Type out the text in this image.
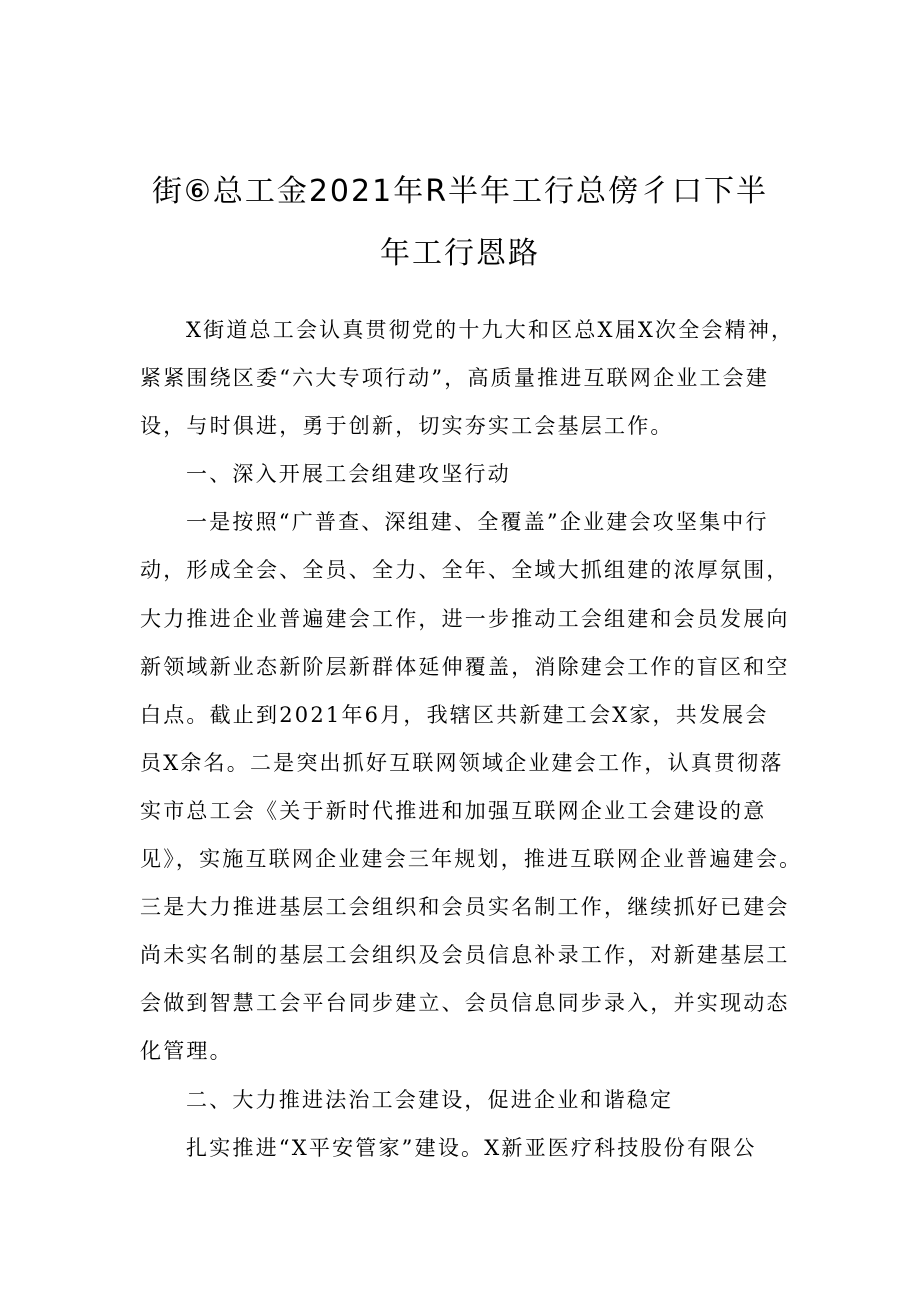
街⑥总工金2021年R半年工行总傍彳口下半
年工行恩路
X街道总工会认真贯彻党的十九大和区总X届X次全会精神，
紧紧围绕区委“六大专项行动”，高质量推进互联网企业工会建
设，与时俱进，勇于创新，切实夯实工会基层工作。
一、深入开展工会组建攻坚行动
一是按照“广普查、深组建、全覆盖”企业建会攻坚集中行
动，形成全会、全员、全力、全年、全域大抓组建的浓厚氛围，
大力推进企业普遍建会工作，进一步推动工会组建和会员发展向
新领域新业态新阶层新群体延伸覆盖，消除建会工作的盲区和空
白点。截止到2021年6月，我辖区共新建工会X家，共发展会
员X余名。二是突出抓好互联网领域企业建会工作，认真贯彻落
实市总工会《关于新时代推进和加强互联网企业工会建设的意
见》，实施互联网企业建会三年规划，推进互联网企业普遍建会。
三是大力推进基层工会组织和会员实名制工作，继续抓好已建会
尚未实名制的基层工会组织及会员信息补录工作，对新建基层工
会做到智慧工会平台同步建立、会员信息同步录入，并实现动态
化管理。
二、大力推进法治工会建设，促进企业和谐稳定
扎实推进“X平安管家”建设。X新亚医疗科技股份有限公
